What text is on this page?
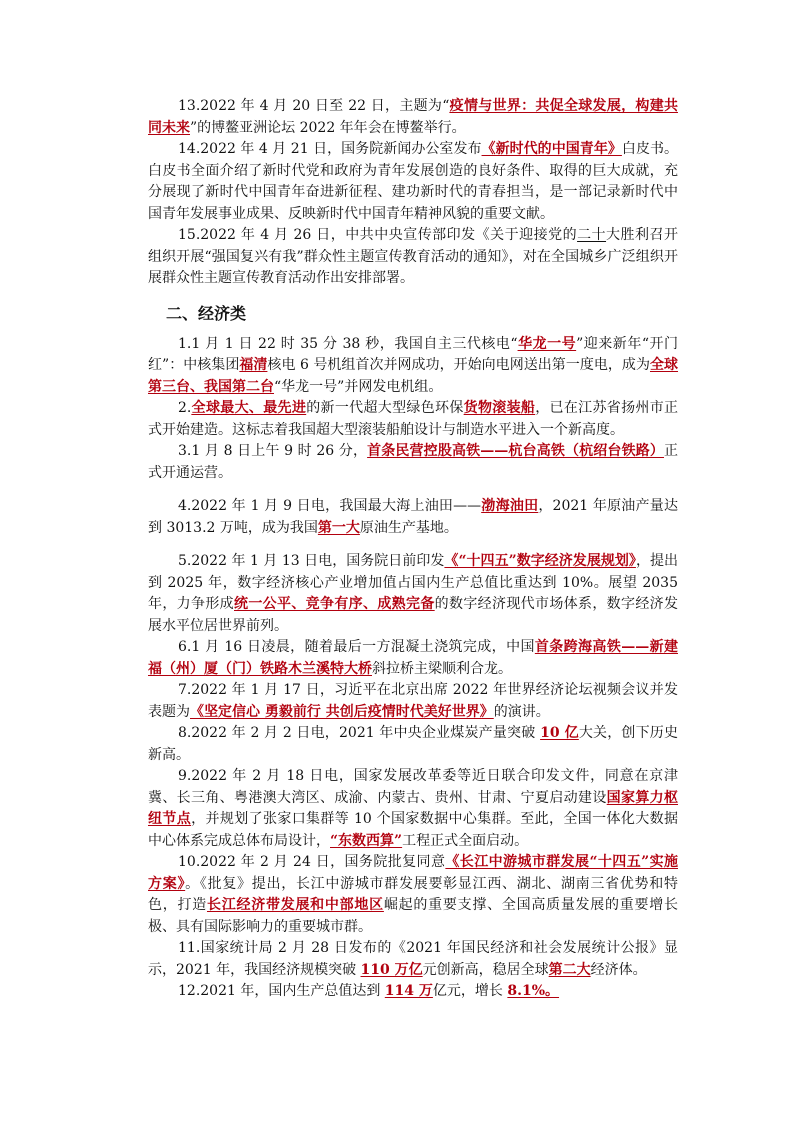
13.2022 年 4 月 20 日至 22 日，主题为“疫情与世界：共促全球发展，构建共同未来”的博鳌亚洲论坛 2022 年年会在博鳌举行。

14.2022 年 4 月 21 日，国务院新闻办公室发布《新时代的中国青年》白皮书。白皮书全面介绍了新时代党和政府为青年发展创造的良好条件、取得的巨大成就，充分展现了新时代中国青年奋进新征程、建功新时代的青春担当，是一部记录新时代中国青年发展事业成果、反映新时代中国青年精神风貌的重要文献。

15.2022 年 4 月 26 日，中共中央宣传部印发《关于迎接党的二十大胜利召开 组织开展“强国复兴有我”群众性主题宣传教育活动的通知》，对在全国城乡广泛组织开展群众性主题宣传教育活动作出安排部署。

二、经济类

1.1 月 1 日 22 时 35 分 38 秒，我国自主三代核电“华龙一号”迎来新年“开门红”：中核集团福清核电 6 号机组首次并网成功，开始向电网送出第一度电，成为全球第三台、我国第二台“华龙一号”并网发电机组。

2.全球最大、最先进的新一代超大型绿色环保货物滚装船，已在江苏省扬州市正式开始建造。这标志着我国超大型滚装船舶设计与制造水平进入一个新高度。

3.1 月 8 日上午 9 时 26 分，首条民营控股高铁——杭台高铁（杭绍台铁路）正式开通运营。

4.2022 年 1 月 9 日电，我国最大海上油田——渤海油田，2021 年原油产量达到 3013.2 万吨，成为我国第一大原油生产基地。

5.2022 年 1 月 13 日电，国务院日前印发《“十四五”数字经济发展规划》，提出到 2025 年，数字经济核心产业增加值占国内生产总值比重达到 10%。展望 2035 年，力争形成统一公平、竞争有序、成熟完备的数字经济现代市场体系，数字经济发展水平位居世界前列。

6.1 月 16 日凌晨，随着最后一方混凝土浇筑完成，中国首条跨海高铁——新建福（州）厦（门）铁路木兰溪特大桥斜拉桥主梁顺利合龙。

7.2022 年 1 月 17 日，习近平在北京出席 2022 年世界经济论坛视频会议并发表题为《坚定信心 勇毅前行 共创后疫情时代美好世界》的演讲。

8.2022 年 2 月 2 日电，2021 年中央企业煤炭产量突破 10 亿大关，创下历史新高。

9.2022 年 2 月 18 日电，国家发展改革委等近日联合印发文件，同意在京津冀、长三角、粤港澳大湾区、成渝、内蒙古、贵州、甘肃、宁夏启动建设国家算力枢纽节点，并规划了张家口集群等 10 个国家数据中心集群。至此，全国一体化大数据中心体系完成总体布局设计，“东数西算”工程正式全面启动。

10.2022 年 2 月 24 日，国务院批复同意《长江中游城市群发展“十四五”实施方案》。《批复》提出，长江中游城市群发展要彰显江西、湖北、湖南三省优势和特色，打造长江经济带发展和中部地区崛起的重要支撑、全国高质量发展的重要增长极、具有国际影响力的重要城市群。

11.国家统计局 2 月 28 日发布的《2021 年国民经济和社会发展统计公报》显示，2021 年，我国经济规模突破 110 万亿元创新高，稳居全球第二大经济体。

12.2021 年，国内生产总值达到 114 万亿元，增长 8.1%。
